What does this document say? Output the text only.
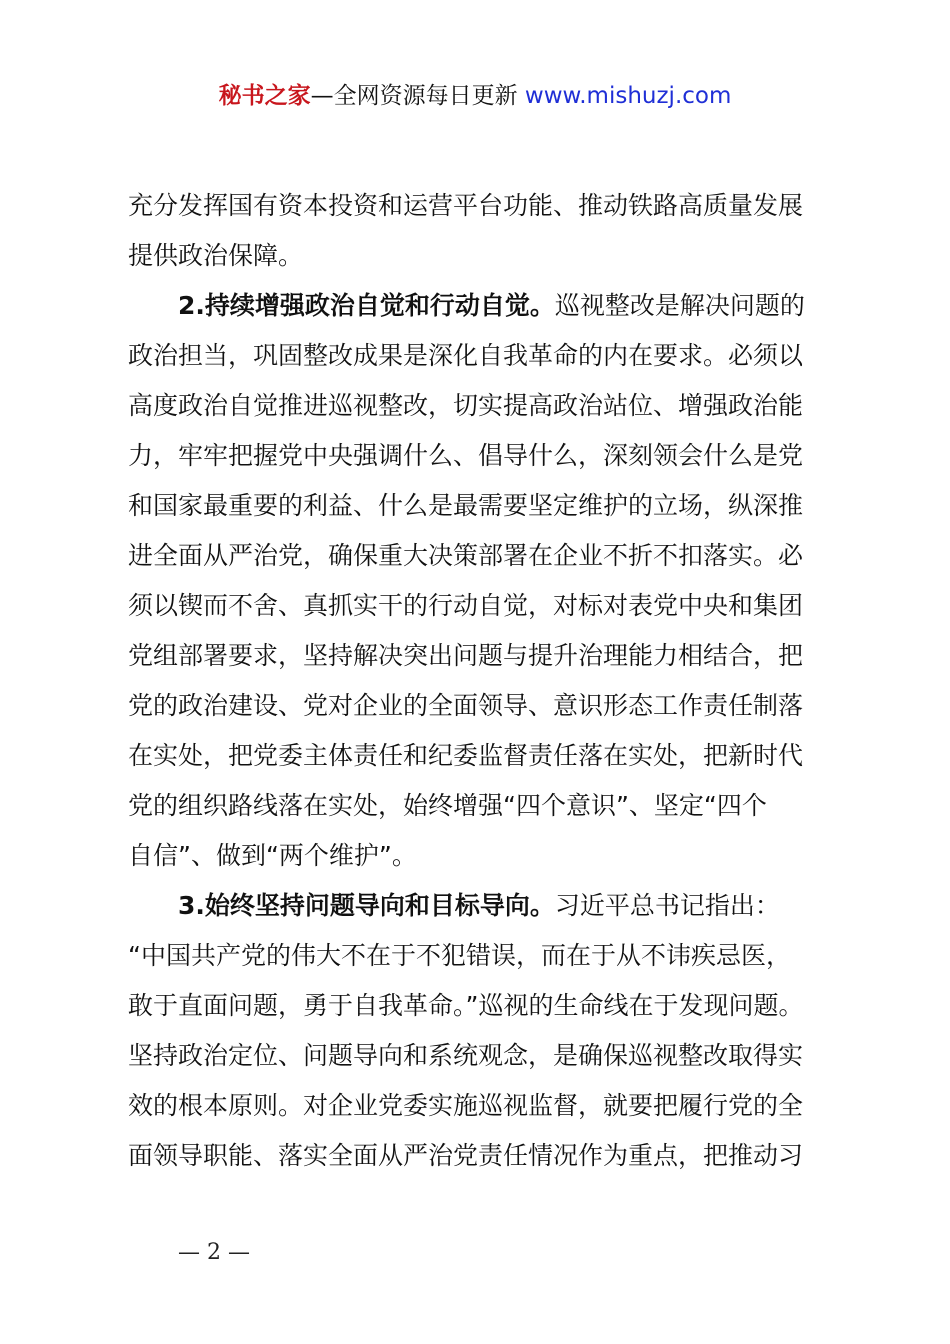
秘书之家—全网资源每日更新 www.mishuzj.com
充分发挥国有资本投资和运营平台功能、推动铁路高质量发展
提供政治保障。
2.持续增强政治自觉和行动自觉。巡视整改是解决问题的
政治担当，巩固整改成果是深化自我革命的内在要求。必须以
高度政治自觉推进巡视整改，切实提高政治站位、增强政治能
力，牢牢把握党中央强调什么、倡导什么，深刻领会什么是党
和国家最重要的利益、什么是最需要坚定维护的立场，纵深推
进全面从严治党，确保重大决策部署在企业不折不扣落实。必
须以锲而不舍、真抓实干的行动自觉，对标对表党中央和集团
党组部署要求，坚持解决突出问题与提升治理能力相结合，把
党的政治建设、党对企业的全面领导、意识形态工作责任制落
在实处，把党委主体责任和纪委监督责任落在实处，把新时代
党的组织路线落在实处，始终增强“四个意识”、坚定“四个
自信”、做到“两个维护”。
3.始终坚持问题导向和目标导向。习近平总书记指出：
“中国共产党的伟大不在于不犯错误，而在于从不讳疾忌医，
敢于直面问题，勇于自我革命。”巡视的生命线在于发现问题。
坚持政治定位、问题导向和系统观念，是确保巡视整改取得实
效的根本原则。对企业党委实施巡视监督，就要把履行党的全
面领导职能、落实全面从严治党责任情况作为重点，把推动习
— 2 —
